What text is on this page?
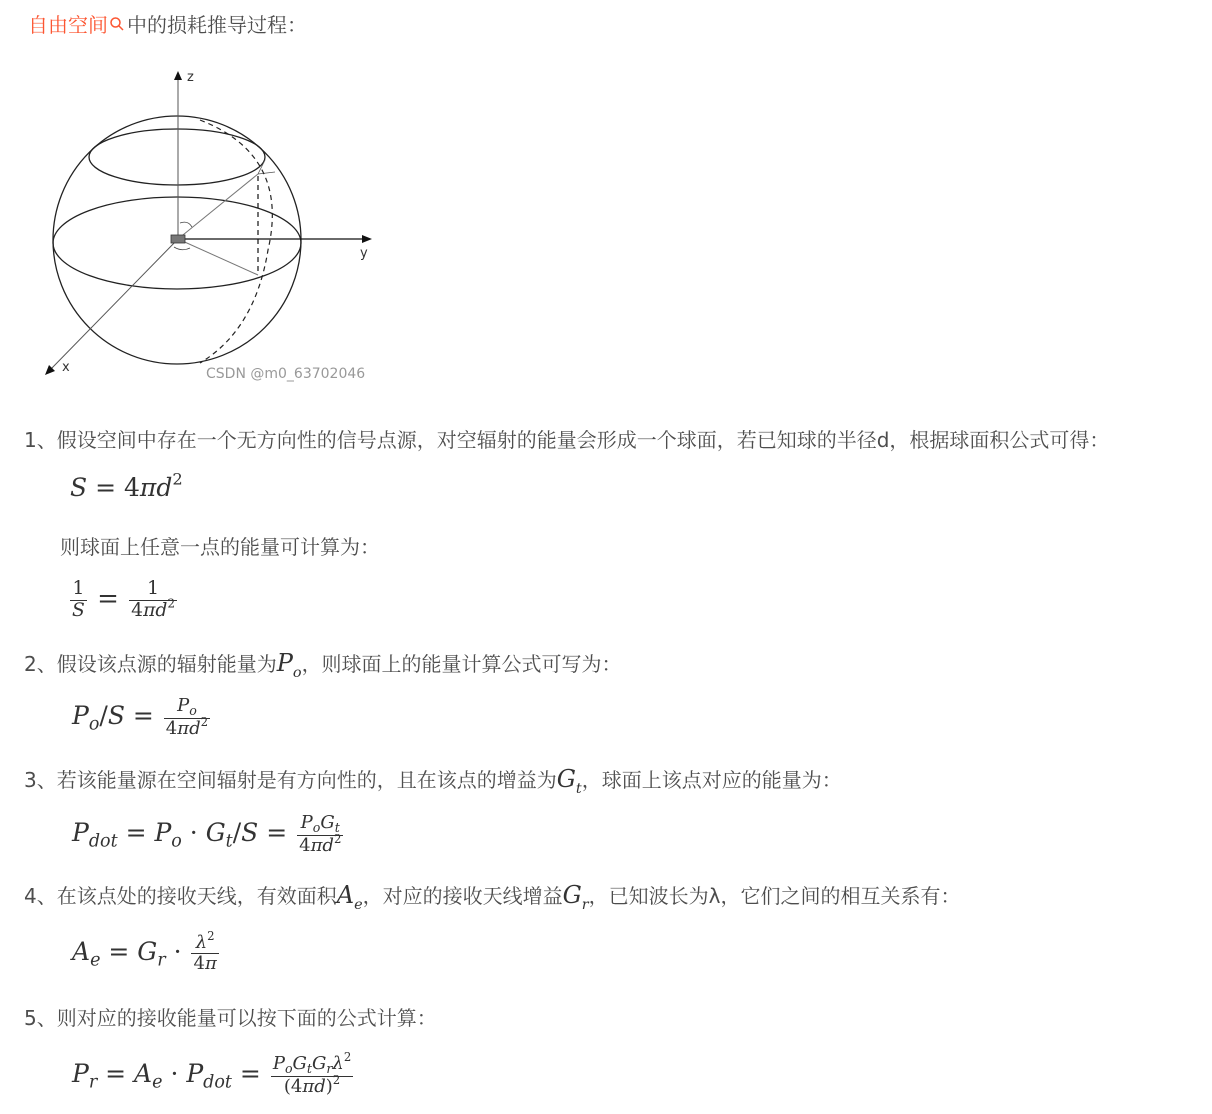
自由空间 中的损耗推导过程：
z
y
x	CSDN @m0_63702046
1、假设空间中存在一个无方向性的信号点源，对空辐射的能量会形成一个球面，若已知球的半径d，根据球面积公式可得：
$S = 4\pi d^2$
则球面上任意一点的能量可计算为：
$\frac{1}{S} = \frac{1}{4\pi d^2}$
2、假设该点源的辐射能量为$P_o$，则球面上的能量计算公式可写为：
$P_o/S = \frac{P_o}{4\pi d^2}$
3、若该能量源在空间辐射是有方向性的，且在该点的增益为$G_t$，球面上该点对应的能量为：
$P_{dot} = P_o \cdot G_t/S = \frac{P_oG_t}{4\pi d^2}$
4、在该点处的接收天线，有效面积$A_e$，对应的接收天线增益$G_r$，已知波长为λ，它们之间的相互关系有：
$A_e = G_r \cdot \frac{\lambda^2}{4\pi}$
5、则对应的接收能量可以按下面的公式计算：
$P_r = A_e \cdot P_{dot} = \frac{P_oG_tG_r\lambda^2}{(4\pi d)^2}$
